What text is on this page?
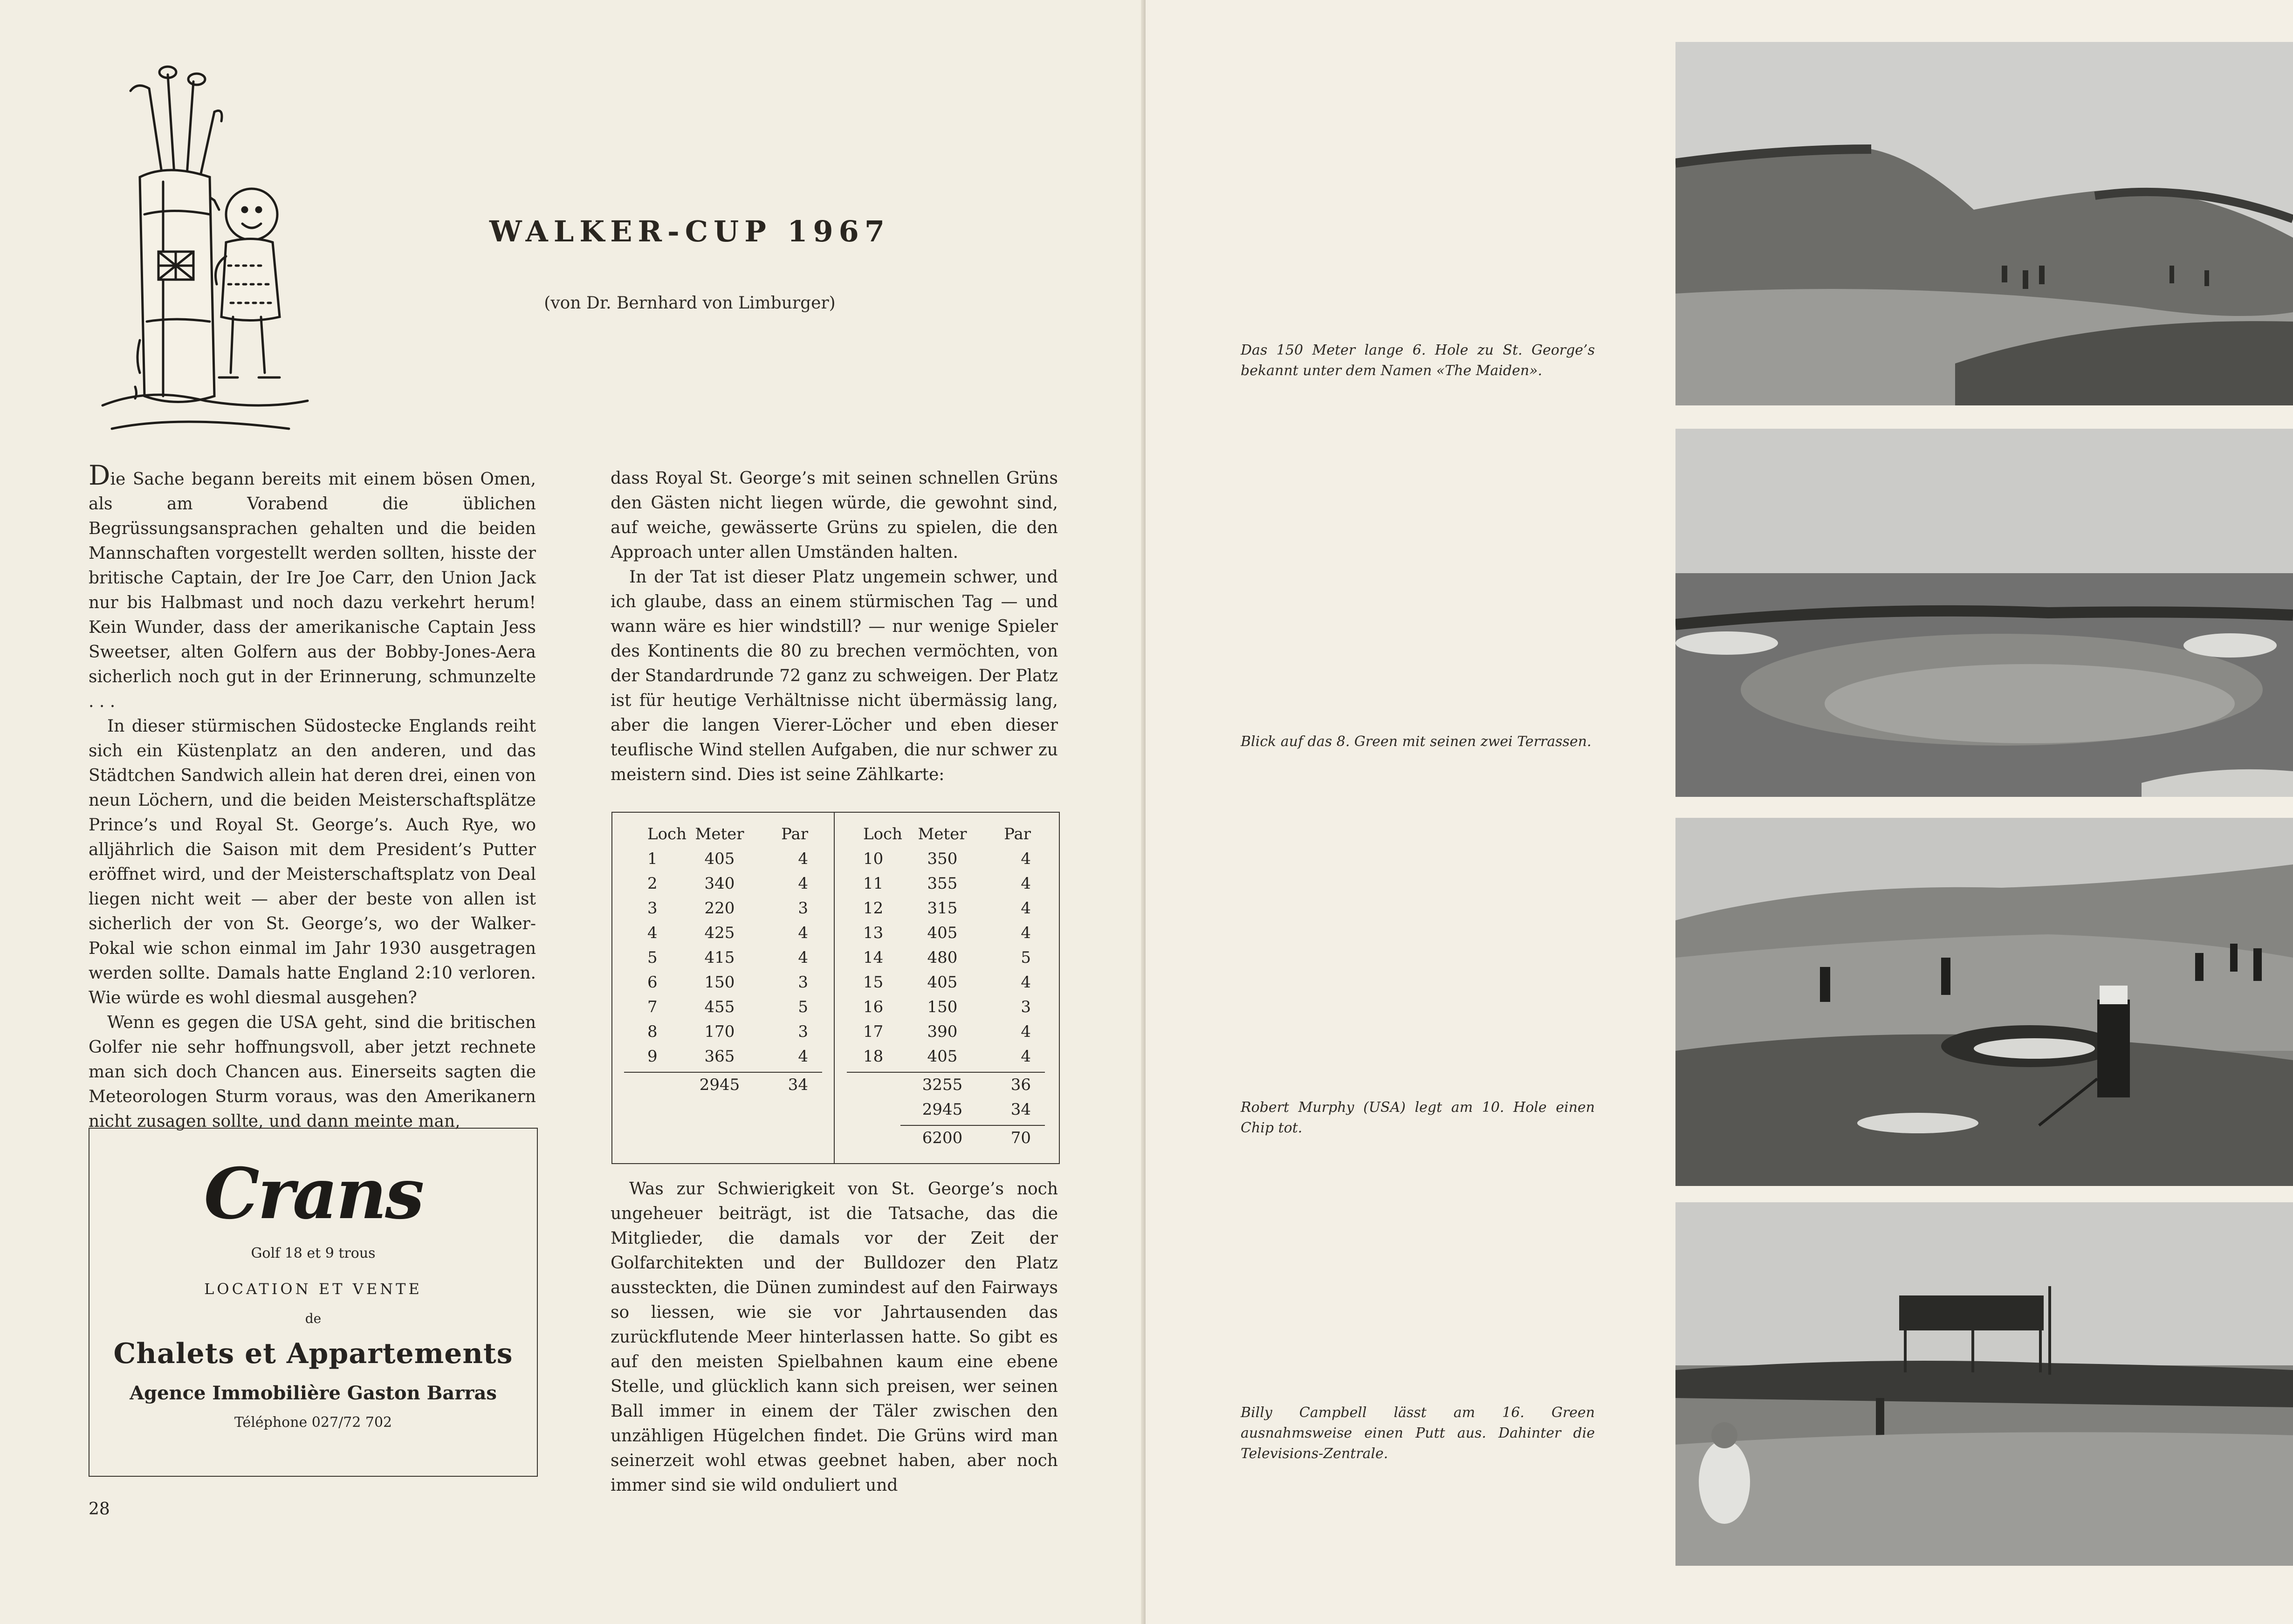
WALKER-CUP 1967
(von Dr. Bernhard von Limburger)

Die Sache begann bereits mit einem bösen Omen, als am Vorabend die üblichen Begrüssungsansprachen gehalten und die beiden Mannschaften vorgestellt werden sollten, hisste der britische Captain, der Ire Joe Carr, den Union Jack nur bis Halbmast und noch dazu verkehrt herum! Kein Wunder, dass der amerikanische Captain Jess Sweetser, alten Golfern aus der Bobby-Jones-Aera sicherlich noch gut in der Erinnerung, schmunzelte . . .

In dieser stürmischen Südostecke Englands reiht sich ein Küstenplatz an den anderen, und das Städtchen Sandwich allein hat deren drei, einen von neun Löchern, und die beiden Meisterschaftsplätze Prince’s und Royal St. George’s. Auch Rye, wo alljährlich die Saison mit dem President’s Putter eröffnet wird, und der Meisterschaftsplatz von Deal liegen nicht weit — aber der beste von allen ist sicherlich der von St. George’s, wo der Walker-Pokal wie schon einmal im Jahr 1930 ausgetragen werden sollte. Damals hatte England 2:10 verloren. Wie würde es wohl diesmal ausgehen?

Wenn es gegen die USA geht, sind die britischen Golfer nie sehr hoffnungsvoll, aber jetzt rechnete man sich doch Chancen aus. Einerseits sagten die Meteorologen Sturm voraus, was den Amerikanern nicht zusagen sollte, und dann meinte man,

dass Royal St. George’s mit seinen schnellen Grüns den Gästen nicht liegen würde, die gewohnt sind, auf weiche, gewässerte Grüns zu spielen, die den Approach unter allen Umständen halten.

In der Tat ist dieser Platz ungemein schwer, und ich glaube, dass an einem stürmischen Tag — und wann wäre es hier windstill? — nur wenige Spieler des Kontinents die 80 zu brechen vermöchten, von der Standardrunde 72 ganz zu schweigen. Der Platz ist für heutige Verhältnisse nicht übermässig lang, aber die langen Vierer-Löcher und eben dieser teuflische Wind stellen Aufgaben, die nur schwer zu meistern sind. Dies ist seine Zählkarte:

Loch Meter	Par
1	405	4
2	340	4
3	220	3
4	425	4
5	415	4
6	150	3
7	455	5
8	170	3
9	365	4
2945	34
Loch Meter	Par
10	350	4
11	355	4
12	315	4
13	405	4
14	480	5
15	405	4
16	150	3
17	390	4
18	405	4
3255	36
2945	34
6200	70

Was zur Schwierigkeit von St. George’s noch ungeheuer beiträgt, ist die Tatsache, das die Mitglieder, die damals vor der Zeit der Golfarchitekten und der Bulldozer den Platz aussteckten, die Dünen zumindest auf den Fairways so liessen, wie sie vor Jahrtausenden das zurückflutende Meer hinterlassen hatte. So gibt es auf den meisten Spielbahnen kaum eine ebene Stelle, und glücklich kann sich preisen, wer seinen Ball immer in einem der Täler zwischen den unzähligen Hügelchen findet. Die Grüns wird man seinerzeit wohl etwas geebnet haben, aber noch immer sind sie wild onduliert und

Crans
Golf 18 et 9 trous
LOCATION ET VENTE
de
Chalets et Appartements
Agence Immobilière Gaston Barras
Téléphone 027/72 702
28
Das 150 Meter lange 6. Hole zu St. George’s bekannt unter dem Namen «The Maiden».
Blick auf das 8. Green mit seinen zwei Terrassen.
Robert Murphy (USA) legt am 10. Hole einen Chip tot.
Billy Campbell lässt am 16. Green ausnahmsweise einen Putt aus. Dahinter die Televisions-Zentrale.
